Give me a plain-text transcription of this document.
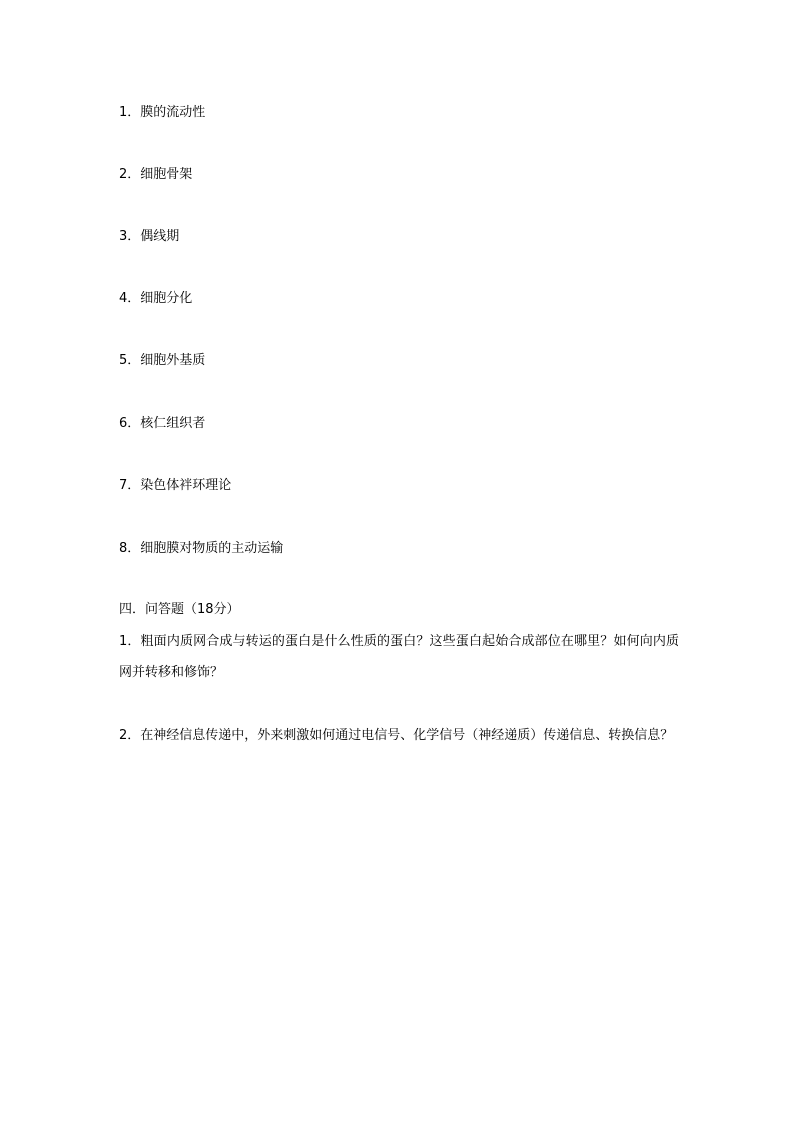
1．膜的流动性
2．细胞骨架
3．偶线期
4．细胞分化
5．细胞外基质
6．核仁组织者
7．染色体袢环理论
8．细胞膜对物质的主动运输
四．问答题（18分）
1．粗面内质网合成与转运的蛋白是什么性质的蛋白？这些蛋白起始合成部位在哪里？如何向内质网并转移和修饰？
2．在神经信息传递中，外来刺激如何通过电信号、化学信号（神经递质）传递信息、转换信息？
